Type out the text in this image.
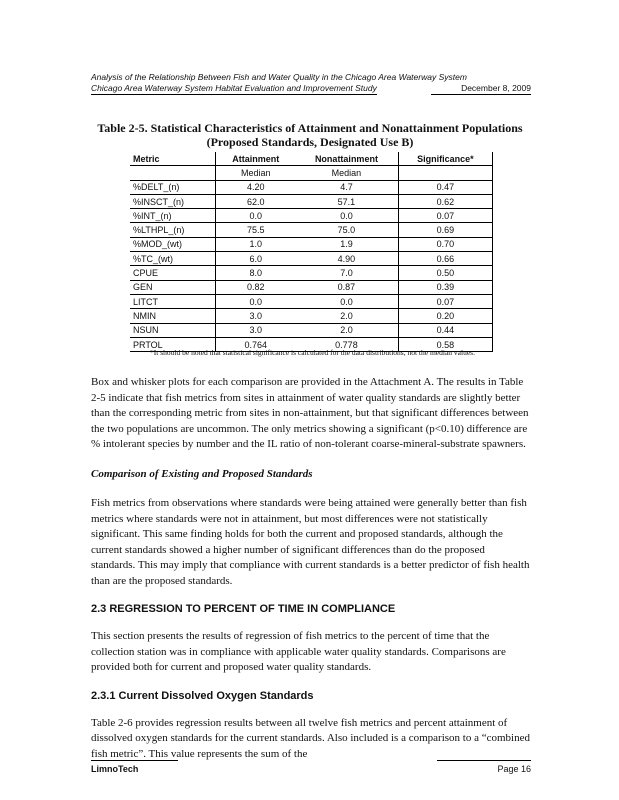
Analysis of the Relationship Between Fish and Water Quality in the Chicago Area Waterway System
Chicago Area Waterway System Habitat Evaluation and Improvement Study	December 8, 2009
Table 2-5. Statistical Characteristics of Attainment and Nonattainment Populations
(Proposed Standards, Designated Use B)
Metric	Attainment	Nonattainment	Significance*
	Median	Median	
%DELT_(n)	4.20	4.7	0.47
%INSCT_(n)	62.0	57.1	0.62
%INT_(n)	0.0	0.0	0.07
%LTHPL_(n)	75.5	75.0	0.69
%MOD_(wt)	1.0	1.9	0.70
%TC_(wt)	6.0	4.90	0.66
CPUE	8.0	7.0	0.50
GEN	0.82	0.87	0.39
LITCT	0.0	0.0	0.07
NMIN	3.0	2.0	0.20
NSUN	3.0	2.0	0.44
PRTOL	0.764	0.778	0.58
*It should be noted that statistical significance is calculated for the data distributions, not the median values.

Box and whisker plots for each comparison are provided in the Attachment A. The results in Table 2-5 indicate that fish metrics from sites in attainment of water quality standards are slightly better than the corresponding metric from sites in non-attainment, but that significant differences between the two populations are uncommon. The only metrics showing a significant (p<0.10) difference are % intolerant species by number and the IL ratio of non-tolerant coarse-mineral-substrate spawners.

Comparison of Existing and Proposed Standards

Fish metrics from observations where standards were being attained were generally better than fish metrics where standards were not in attainment, but most differences were not statistically significant. This same finding holds for both the current and proposed standards, although the current standards showed a higher number of significant differences than do the proposed standards. This may imply that compliance with current standards is a better predictor of fish health than are the proposed standards.

2.3 REGRESSION TO PERCENT OF TIME IN COMPLIANCE

This section presents the results of regression of fish metrics to the percent of time that the collection station was in compliance with applicable water quality standards. Comparisons are provided both for current and proposed water quality standards.

2.3.1 Current Dissolved Oxygen Standards

Table 2-6 provides regression results between all twelve fish metrics and percent attainment of dissolved oxygen standards for the current standards. Also included is a comparison to a “combined fish metric”. This value represents the sum of the

LimnoTech	Page 16
